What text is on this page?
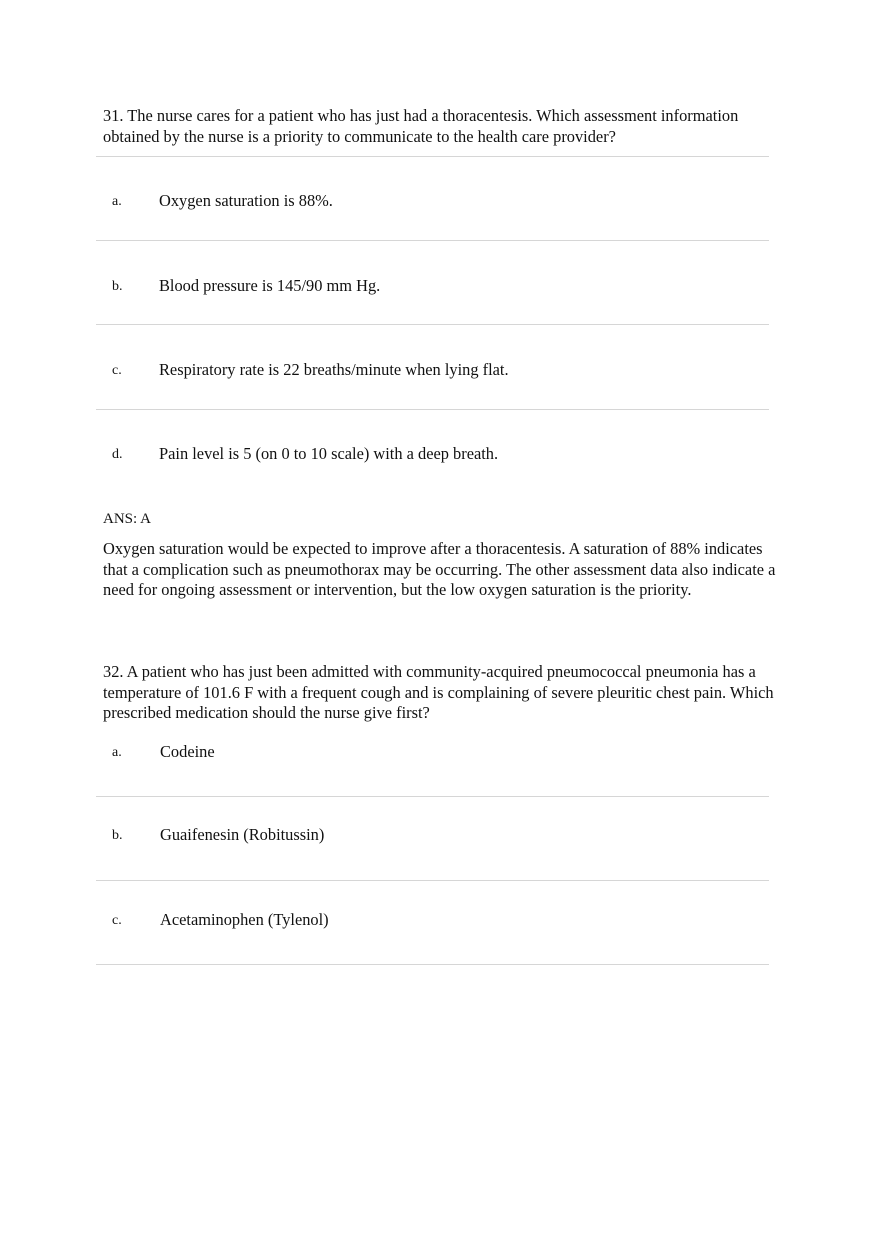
31. The nurse cares for a patient who has just had a thoracentesis. Which assessment information obtained by the nurse is a priority to communicate to the health care provider?

a. Oxygen saturation is 88%.
b. Blood pressure is 145/90 mm Hg.
c. Respiratory rate is 22 breaths/minute when lying flat.
d. Pain level is 5 (on 0 to 10 scale) with a deep breath.
ANS: A

Oxygen saturation would be expected to improve after a thoracentesis. A saturation of 88% indicates that a complication such as pneumothorax may be occurring. The other assessment data also indicate a need for ongoing assessment or intervention, but the low oxygen saturation is the priority.

32. A patient who has just been admitted with community-acquired pneumococcal pneumonia has a temperature of 101.6 F with a frequent cough and is complaining of severe pleuritic chest pain. Which prescribed medication should the nurse give first?

a. Codeine
b. Guaifenesin (Robitussin)
c. Acetaminophen (Tylenol)
